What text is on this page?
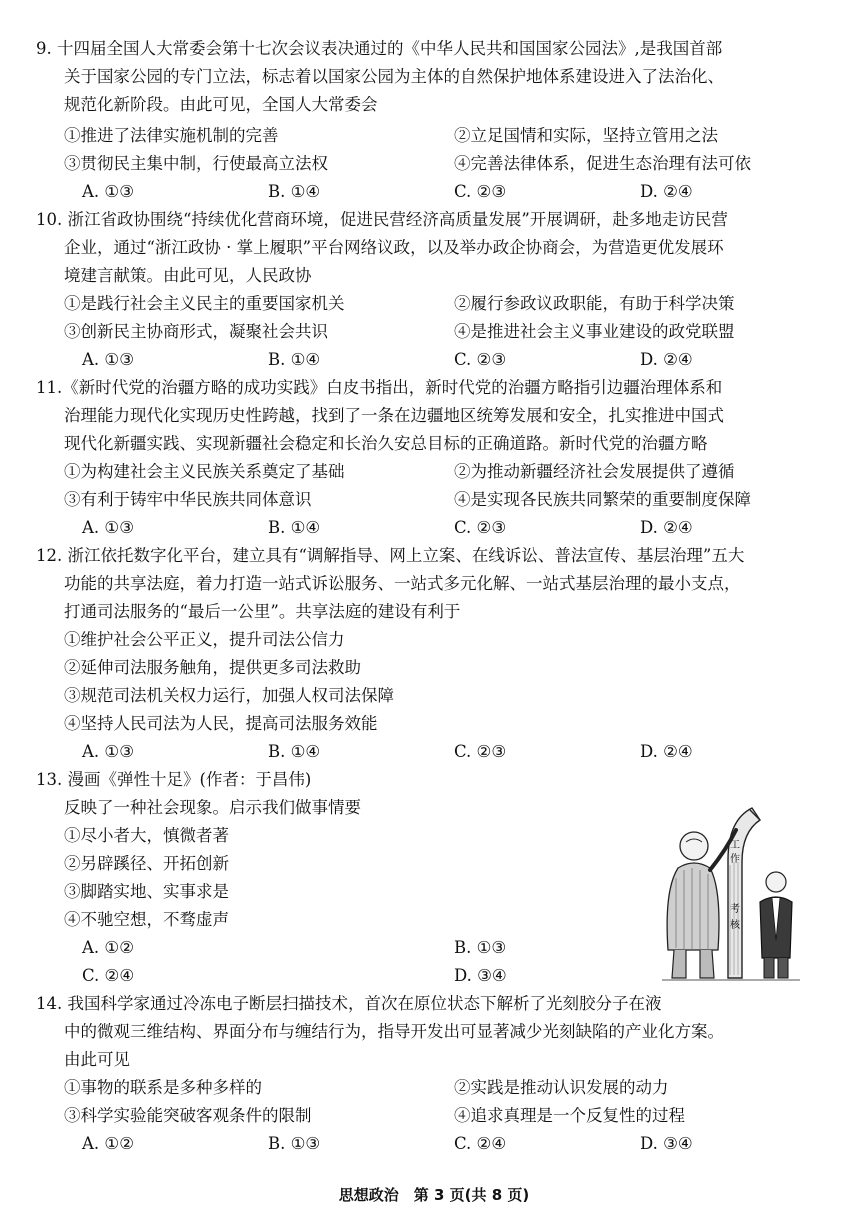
9. 十四届全国人大常委会第十七次会议表决通过的《中华人民共和国国家公园法》,是我国首部
关于国家公园的专门立法，标志着以国家公园为主体的自然保护地体系建设进入了法治化、
规范化新阶段。由此可见，全国人大常委会
①推进了法律实施机制的完善	②立足国情和实际，坚持立管用之法
③贯彻民主集中制，行使最高立法权	④完善法律体系，促进生态治理有法可依
A. ①③	B. ①④	C. ②③	D. ②④
10. 浙江省政协围绕“持续优化营商环境，促进民营经济高质量发展”开展调研，赴多地走访民营
企业，通过“浙江政协 · 掌上履职”平台网络议政，以及举办政企协商会，为营造更优发展环
境建言献策。由此可见，人民政协
①是践行社会主义民主的重要国家机关	②履行参政议政职能，有助于科学决策
③创新民主协商形式，凝聚社会共识	④是推进社会主义事业建设的政党联盟
A. ①③	B. ①④	C. ②③	D. ②④
11.《新时代党的治疆方略的成功实践》白皮书指出，新时代党的治疆方略指引边疆治理体系和
治理能力现代化实现历史性跨越，找到了一条在边疆地区统筹发展和安全，扎实推进中国式
现代化新疆实践、实现新疆社会稳定和长治久安总目标的正确道路。新时代党的治疆方略
①为构建社会主义民族关系奠定了基础	②为推动新疆经济社会发展提供了遵循
③有利于铸牢中华民族共同体意识	④是实现各民族共同繁荣的重要制度保障
A. ①③	B. ①④	C. ②③	D. ②④
12. 浙江依托数字化平台，建立具有“调解指导、网上立案、在线诉讼、普法宣传、基层治理”五大
功能的共享法庭，着力打造一站式诉讼服务、一站式多元化解、一站式基层治理的最小支点，
打通司法服务的“最后一公里”。共享法庭的建设有利于
①维护社会公平正义，提升司法公信力
②延伸司法服务触角，提供更多司法救助
③规范司法机关权力运行，加强人权司法保障
④坚持人民司法为人民，提高司法服务效能
A. ①③	B. ①④	C. ②③	D. ②④
13. 漫画《弹性十足》(作者：于昌伟)
反映了一种社会现象。启示我们做事情要
①尽小者大，慎微者著
②另辟蹊径、开拓创新
③脚踏实地、实事求是
④不驰空想，不骛虚声
A. ①②	B. ①③
C. ②④	D. ③④
工
作
考
核
14. 我国科学家通过冷冻电子断层扫描技术，首次在原位状态下解析了光刻胶分子在液
中的微观三维结构、界面分布与缠结行为，指导开发出可显著减少光刻缺陷的产业化方案。
由此可见
①事物的联系是多种多样的	②实践是推动认识发展的动力
③科学实验能突破客观条件的限制	④追求真理是一个反复性的过程
A. ①②	B. ①③	C. ②④	D. ③④
思想政治　第 3 页(共 8 页)
